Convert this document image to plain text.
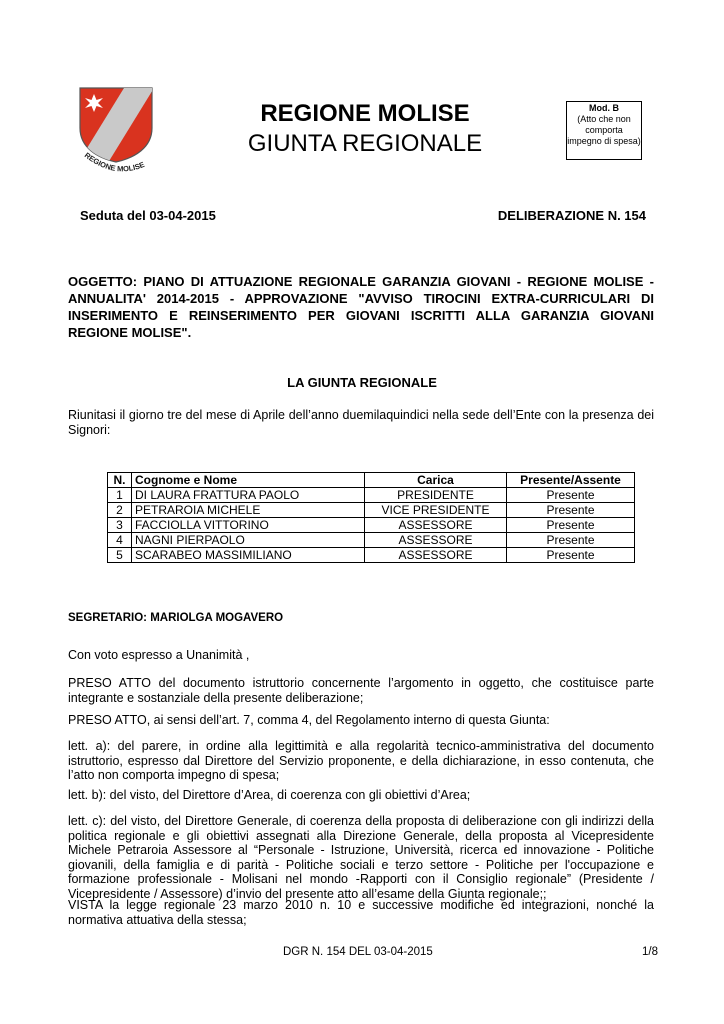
REGIONE MOLISE
REGIONE MOLISE
GIUNTA REGIONALE
Mod. B
(Atto che non comporta impegno di spesa)
Seduta del 03-04-2015	DELIBERAZIONE N. 154
OGGETTO: PIANO DI ATTUAZIONE REGIONALE GARANZIA GIOVANI - REGIONE MOLISE - ANNUALITA' 2014-2015 - APPROVAZIONE "AVVISO TIROCINI EXTRA-CURRICULARI DI INSERIMENTO E REINSERIMENTO PER GIOVANI ISCRITTI ALLA GARANZIA GIOVANI REGIONE MOLISE".
LA GIUNTA REGIONALE
Riunitasi il giorno tre del mese di Aprile dell’anno duemilaquindici nella sede dell’Ente con la presenza dei Signori:
N.	Cognome e Nome	Carica	Presente/Assente
1	DI LAURA FRATTURA PAOLO	PRESIDENTE	Presente
2	PETRAROIA MICHELE	VICE PRESIDENTE	Presente
3	FACCIOLLA VITTORINO	ASSESSORE	Presente
4	NAGNI PIERPAOLO	ASSESSORE	Presente
5	SCARABEO MASSIMILIANO	ASSESSORE	Presente
SEGRETARIO: MARIOLGA MOGAVERO
Con voto espresso a Unanimità ,
PRESO ATTO del documento istruttorio concernente l’argomento in oggetto, che costituisce parte integrante e sostanziale della presente deliberazione;
PRESO ATTO, ai sensi dell’art. 7, comma 4, del Regolamento interno di questa Giunta:
lett. a): del parere, in ordine alla legittimità e alla regolarità tecnico-amministrativa del documento istruttorio, espresso dal Direttore del Servizio proponente, e della dichiarazione, in esso contenuta, che l’atto non comporta impegno di spesa;
lett. b): del visto, del Direttore d’Area, di coerenza con gli obiettivi d’Area;
lett. c): del visto, del Direttore Generale, di coerenza della proposta di deliberazione con gli indirizzi della politica regionale e gli obiettivi assegnati alla Direzione Generale, della proposta al Vicepresidente Michele Petraroia Assessore al “Personale - Istruzione, Università, ricerca ed innovazione - Politiche giovanili, della famiglia e di parità - Politiche sociali e terzo settore - Politiche per l'occupazione e formazione professionale - Molisani nel mondo -Rapporti con il Consiglio regionale” (Presidente / Vicepresidente / Assessore) d’invio del presente atto all’esame della Giunta regionale;;
VISTA la legge regionale 23 marzo 2010 n. 10 e successive modifiche ed integrazioni, nonché la normativa attuativa della stessa;
DGR N. 154 DEL 03-04-2015	1/8
